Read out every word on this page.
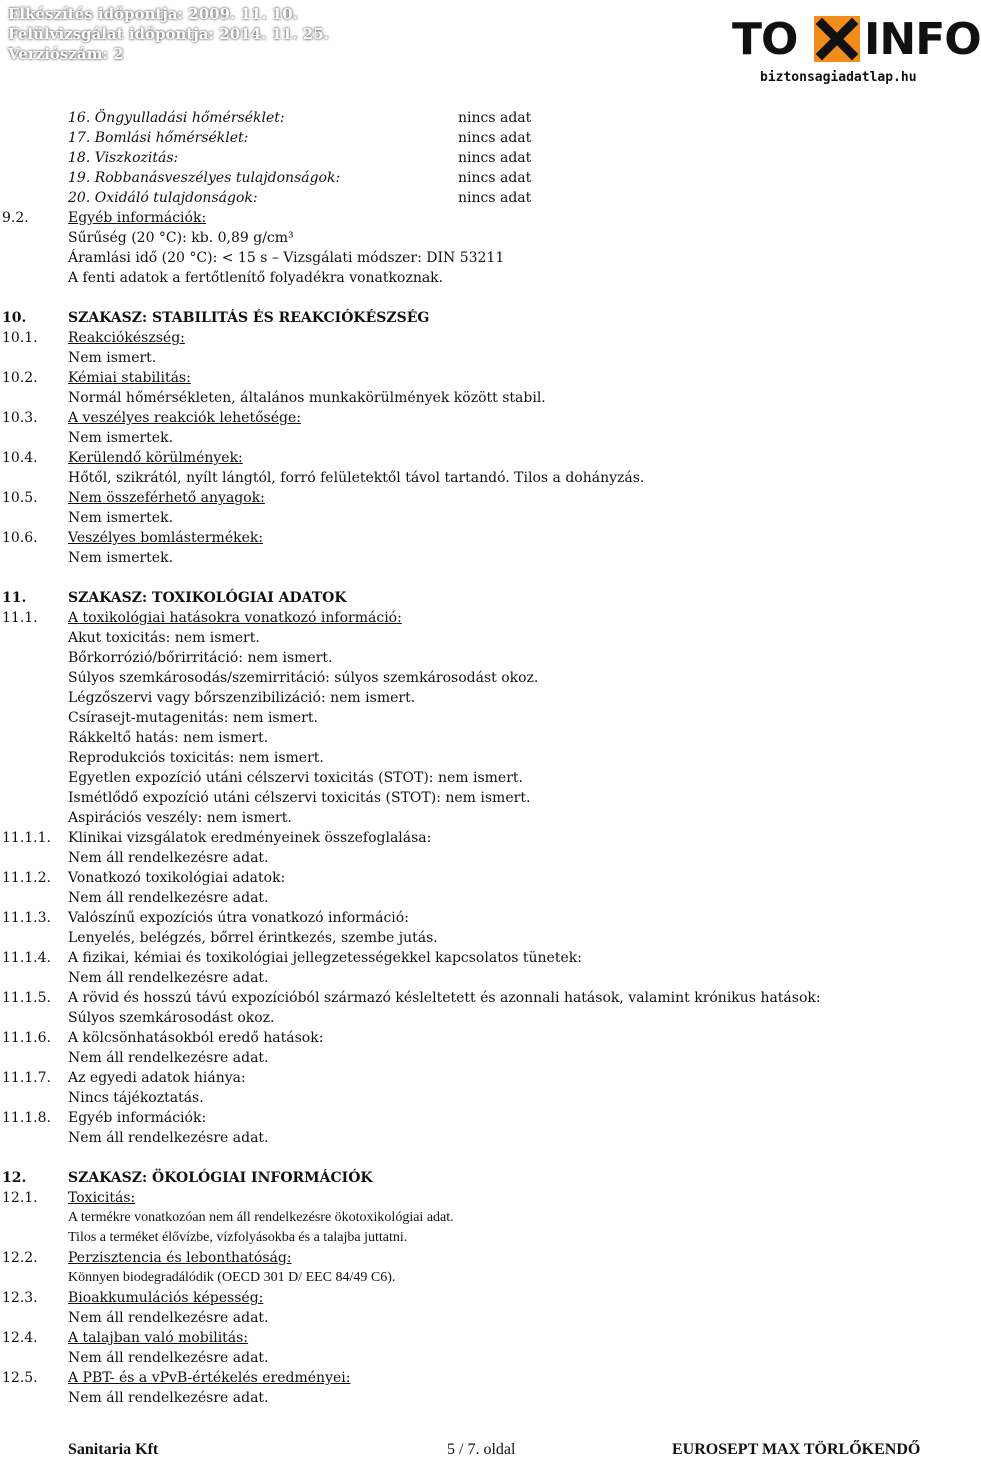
Elkészítés időpontja: 2009. 11. 10.
Felülvizsgálat időpontja: 2014. 11. 25.
Verziószám: 2	TO INFO
biztonsagiadatlap.hu
16. Öngyulladási hőmérséklet:	nincs adat
17. Bomlási hőmérséklet:	nincs adat
18. Viszkozitás:	nincs adat
19. Robbanásveszélyes tulajdonságok:	nincs adat
20. Oxidáló tulajdonságok:	nincs adat
9.2.	Egyéb információk:
Sűrűség (20 °C): kb. 0,89 g/cm³
Áramlási idő (20 °C): < 15 s – Vizsgálati módszer: DIN 53211
A fenti adatok a fertőtlenítő folyadékra vonatkoznak.
10.	SZAKASZ: STABILITÁS ÉS REAKCIÓKÉSZSÉG
10.1. Reakciókészség:
Nem ismert.
10.2. Kémiai stabilitás:
Normál hőmérsékleten, általános munkakörülmények között stabil.
10.3. A veszélyes reakciók lehetősége:
Nem ismertek.
10.4. Kerülendő körülmények:
Hőtől, szikrától, nyílt lángtól, forró felületektől távol tartandó. Tilos a dohányzás.
10.5. Nem összeférhető anyagok:
Nem ismertek.
10.6. Veszélyes bomlástermékek:
Nem ismertek.
11.	SZAKASZ: TOXIKOLÓGIAI ADATOK
11.1. A toxikológiai hatásokra vonatkozó információ:
Akut toxicitás: nem ismert.
Bőrkorrózió/bőrirritáció: nem ismert.
Súlyos szemkárosodás/szemirritáció: súlyos szemkárosodást okoz.
Légzőszervi vagy bőrszenzibilizáció: nem ismert.
Csírasejt-mutagenitás: nem ismert.
Rákkeltő hatás: nem ismert.
Reprodukciós toxicitás: nem ismert.
Egyetlen expozíció utáni célszervi toxicitás (STOT): nem ismert.
Ismétlődő expozíció utáni célszervi toxicitás (STOT): nem ismert.
Aspirációs veszély: nem ismert.
11.1.1. Klinikai vizsgálatok eredményeinek összefoglalása:
Nem áll rendelkezésre adat.
11.1.2. Vonatkozó toxikológiai adatok:
Nem áll rendelkezésre adat.
11.1.3. Valószínű expozíciós útra vonatkozó információ:
Lenyelés, belégzés, bőrrel érintkezés, szembe jutás.
11.1.4. A fizikai, kémiai és toxikológiai jellegzetességekkel kapcsolatos tünetek:
Nem áll rendelkezésre adat.
11.1.5. A rövid és hosszú távú expozícióból származó késleltetett és azonnali hatások, valamint krónikus hatások:
Súlyos szemkárosodást okoz.
11.1.6. A kölcsönhatásokból eredő hatások:
Nem áll rendelkezésre adat.
11.1.7. Az egyedi adatok hiánya:
Nincs tájékoztatás.
11.1.8. Egyéb információk:
Nem áll rendelkezésre adat.
12.	SZAKASZ: ÖKOLÓGIAI INFORMÁCIÓK
12.1. Toxicitás:
A termékre vonatkozóan nem áll rendelkezésre ökotoxikológiai adat.
Tilos a terméket élővízbe, vízfolyásokba és a talajba juttatni.
12.2. Perzisztencia és lebonthatóság:
Könnyen biodegradálódik (OECD 301 D/ EEC 84/49 C6).
12.3. Bioakkumulációs képesség:
Nem áll rendelkezésre adat.
12.4. A talajban való mobilitás:
Nem áll rendelkezésre adat.
12.5. A PBT- és a vPvB-értékelés eredményei:
Nem áll rendelkezésre adat.
Sanitaria Kft	5 / 7. oldal	EUROSEPT MAX TÖRLŐKENDŐ
